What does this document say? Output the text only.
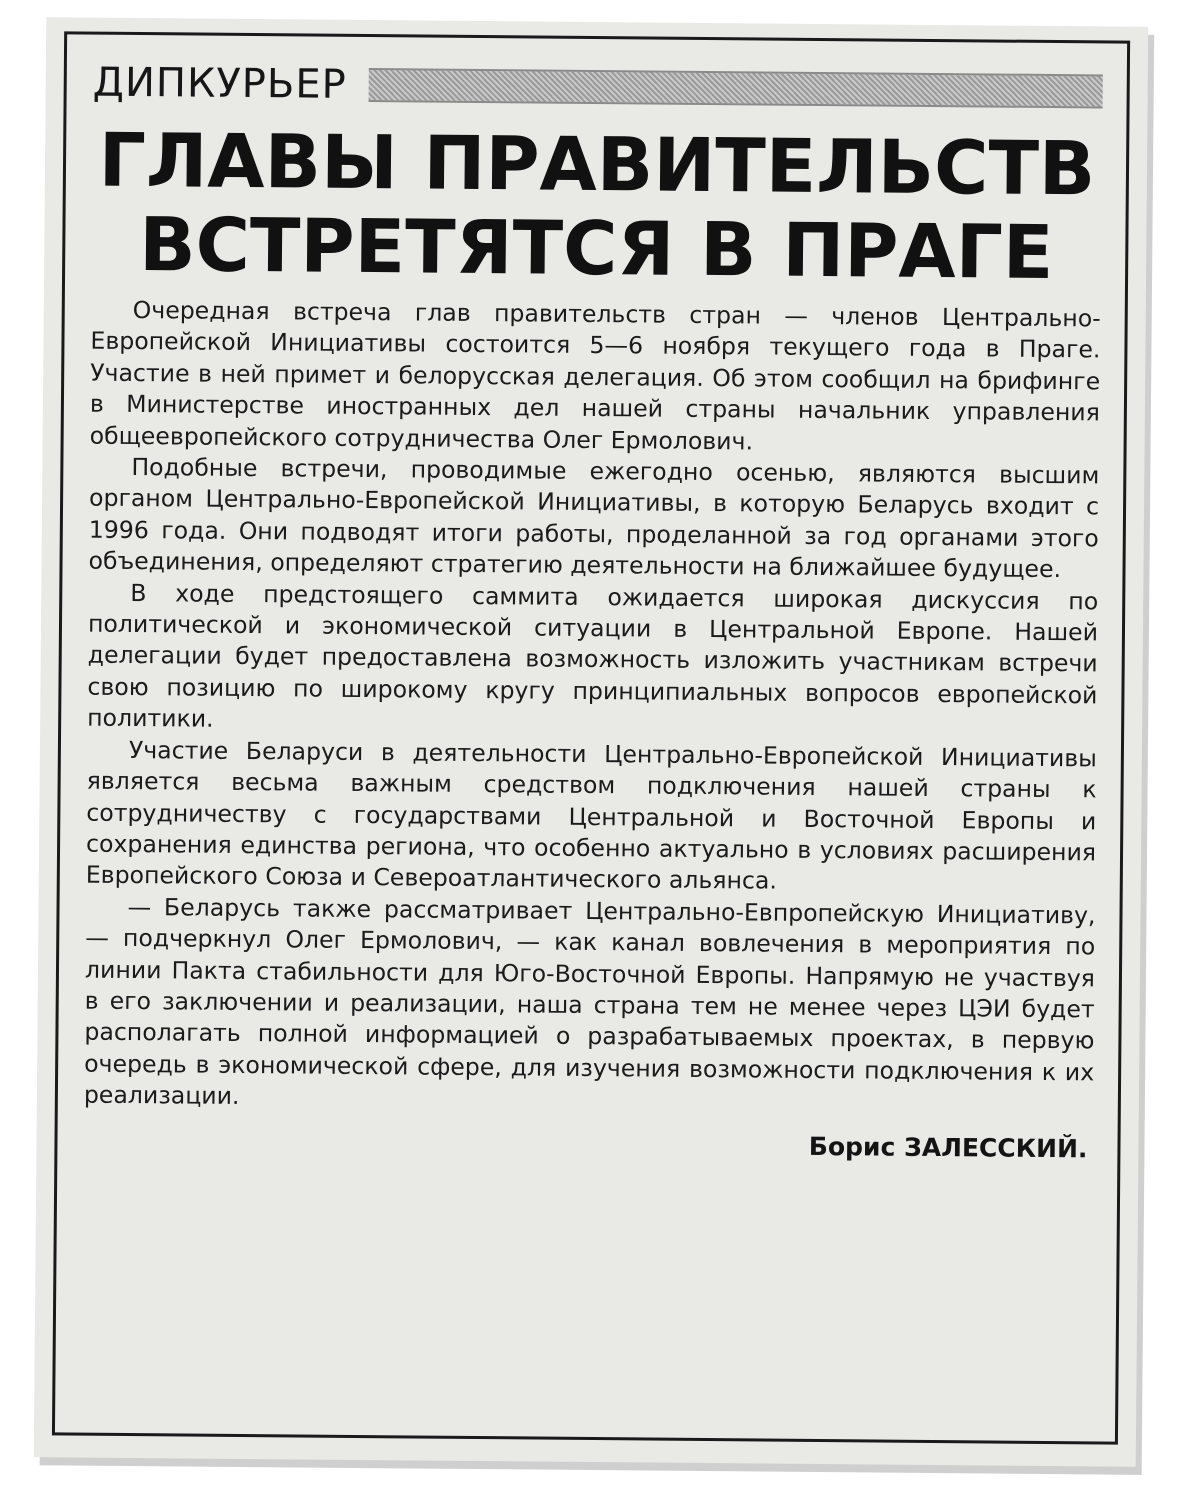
ДИПКУРЬЕР
ГЛАВЫ ПРАВИТЕЛЬСТВ
ВСТРЕТЯТСЯ В ПРАГЕ

Очередная встреча глав правительств стран — членов Центрально-Европейской Инициативы состоится 5—6 ноября текущего года в Праге. Участие в ней примет и белорусская делегация. Об этом сообщил на брифинге в Министерстве иностранных дел нашей страны начальник управления общеевропейского сотрудничества Олег Ермолович.

Подобные встречи, проводимые ежегодно осенью, являются высшим органом Центрально-Европейской Инициативы, в которую Беларусь входит с 1996 года. Они подводят итоги работы, проделанной за год органами этого объединения, определяют стратегию деятельности на ближайшее будущее.

В ходе предстоящего саммита ожидается широкая дискуссия по политической и экономической ситуации в Центральной Европе. Нашей делегации будет предоставлена возможность изложить участникам встречи свою позицию по широкому кругу принципиальных вопросов европейской политики.

Участие Беларуси в деятельности Центрально-Европейской Инициативы является весьма важным средством подключения нашей страны к сотрудничеству с государствами Центральной и Восточной Европы и сохранения единства региона, что особенно актуально в условиях расширения Европейского Союза и Североатлантического альянса.

— Беларусь также рассматривает Центрально-Евпропейскую Инициативу, — подчеркнул Олег Ермолович, — как канал вовлечения в мероприятия по линии Пакта стабильности для Юго-Восточной Европы. Напрямую не участвуя в его заключении и реализации, наша страна тем не менее через ЦЭИ будет располагать полной информацией о разрабатываемых проектах, в первую очередь в экономической сфере, для изучения возможности подключения к их реализации.

Борис ЗАЛЕССКИЙ.
